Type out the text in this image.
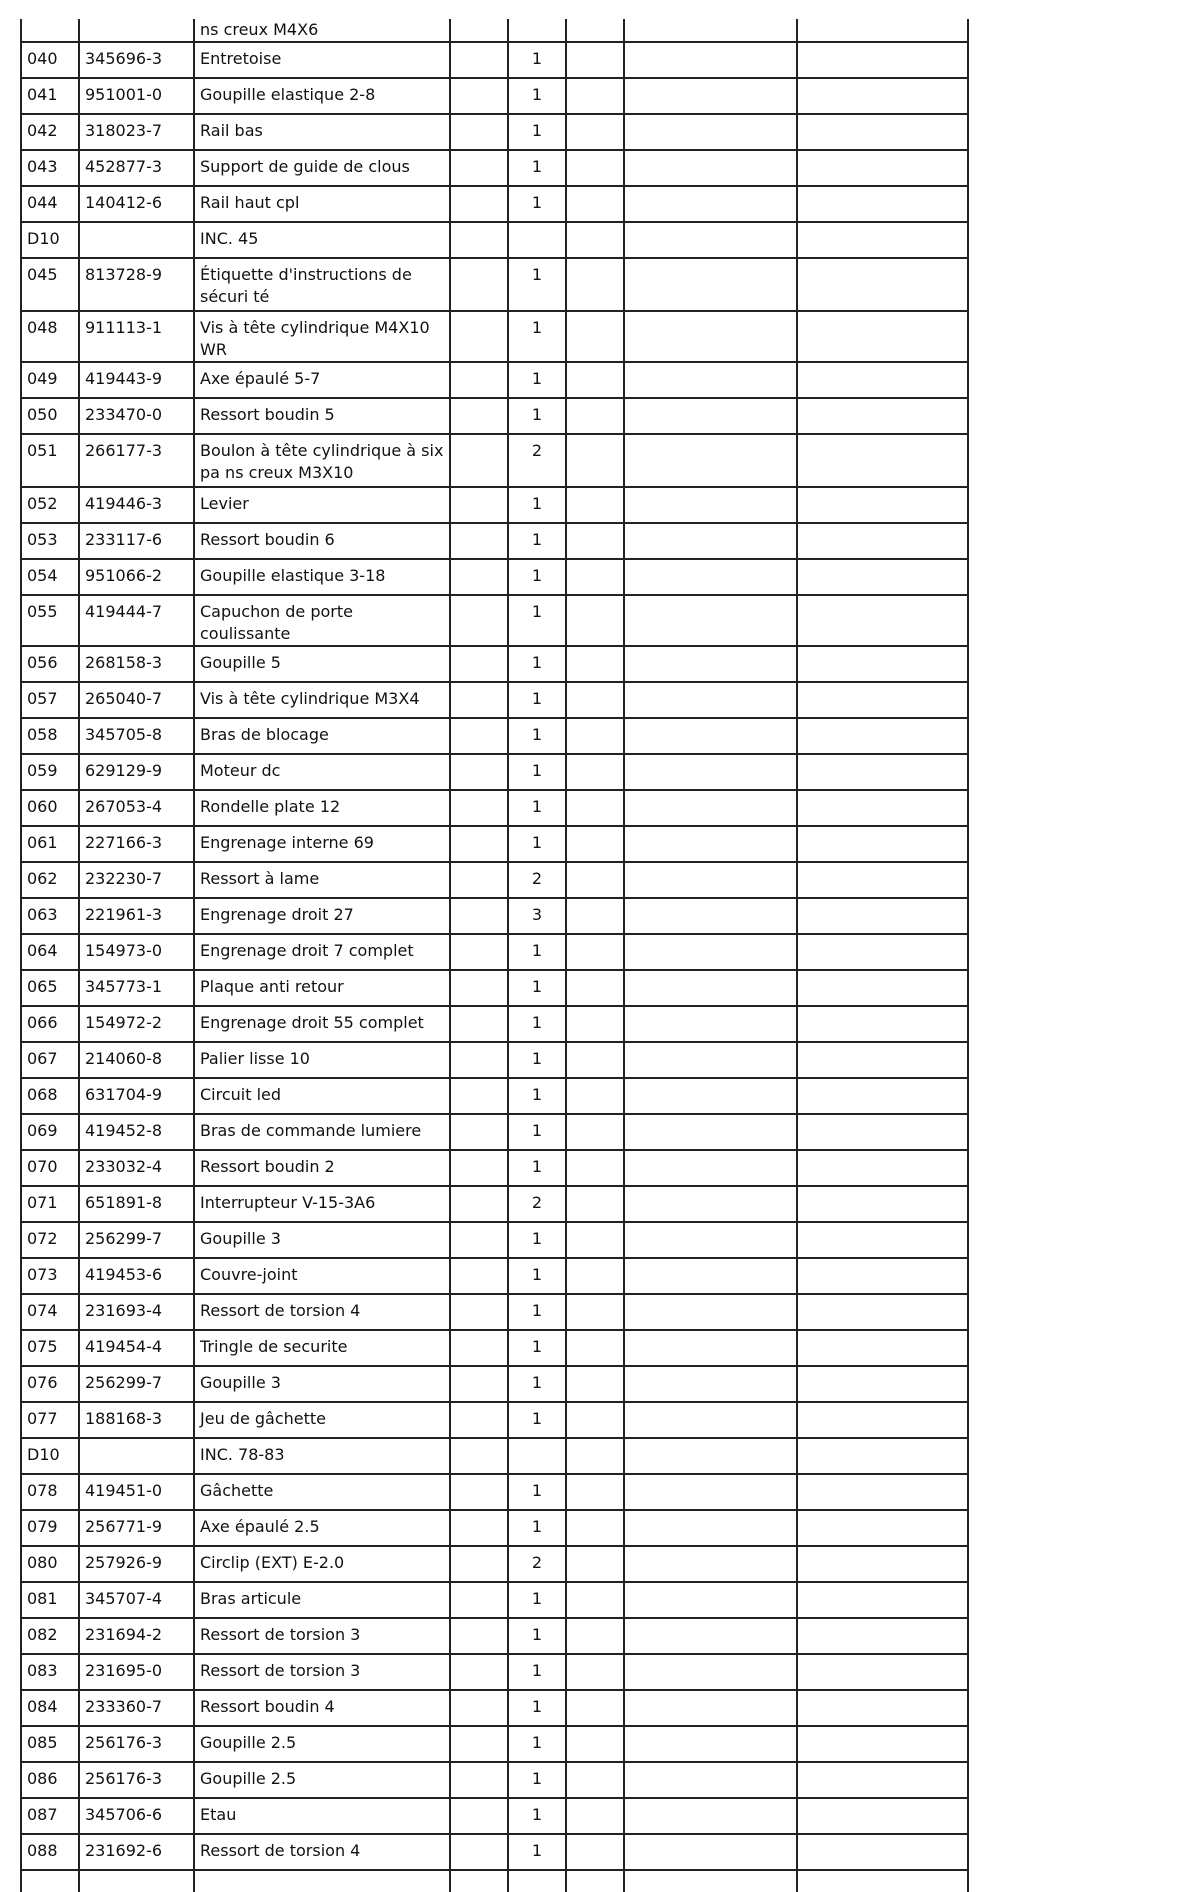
		ns creux M4X6					
040	345696-3	Entretoise		1			
041	951001-0	Goupille elastique 2-8		1			
042	318023-7	Rail bas		1			
043	452877-3	Support de guide de clous		1			
044	140412-6	Rail haut cpl		1			
D10		INC. 45					
045	813728-9	Étiquette d'instructions de sécuri té		1			
048	911113-1	Vis à tête cylindrique M4X10 WR		1			
049	419443-9	Axe épaulé 5-7		1			
050	233470-0	Ressort boudin 5		1			
051	266177-3	Boulon à tête cylindrique à six pa ns creux M3X10		2			
052	419446-3	Levier		1			
053	233117-6	Ressort boudin 6		1			
054	951066-2	Goupille elastique 3-18		1			
055	419444-7	Capuchon de porte coulissante		1			
056	268158-3	Goupille 5		1			
057	265040-7	Vis à tête cylindrique M3X4		1			
058	345705-8	Bras de blocage		1			
059	629129-9	Moteur dc		1			
060	267053-4	Rondelle plate 12		1			
061	227166-3	Engrenage interne 69		1			
062	232230-7	Ressort à lame		2			
063	221961-3	Engrenage droit 27		3			
064	154973-0	Engrenage droit 7 complet		1			
065	345773-1	Plaque anti retour		1			
066	154972-2	Engrenage droit 55 complet		1			
067	214060-8	Palier lisse 10		1			
068	631704-9	Circuit led		1			
069	419452-8	Bras de commande lumiere		1			
070	233032-4	Ressort boudin 2		1			
071	651891-8	Interrupteur V-15-3A6		2			
072	256299-7	Goupille 3		1			
073	419453-6	Couvre-joint		1			
074	231693-4	Ressort de torsion 4		1			
075	419454-4	Tringle de securite		1			
076	256299-7	Goupille 3		1			
077	188168-3	Jeu de gâchette		1			
D10		INC. 78-83					
078	419451-0	Gâchette		1			
079	256771-9	Axe épaulé 2.5		1			
080	257926-9	Circlip (EXT) E-2.0		2			
081	345707-4	Bras articule		1			
082	231694-2	Ressort de torsion 3		1			
083	231695-0	Ressort de torsion 3		1			
084	233360-7	Ressort boudin 4		1			
085	256176-3	Goupille 2.5		1			
086	256176-3	Goupille 2.5		1			
087	345706-6	Etau		1			
088	231692-6	Ressort de torsion 4		1			
